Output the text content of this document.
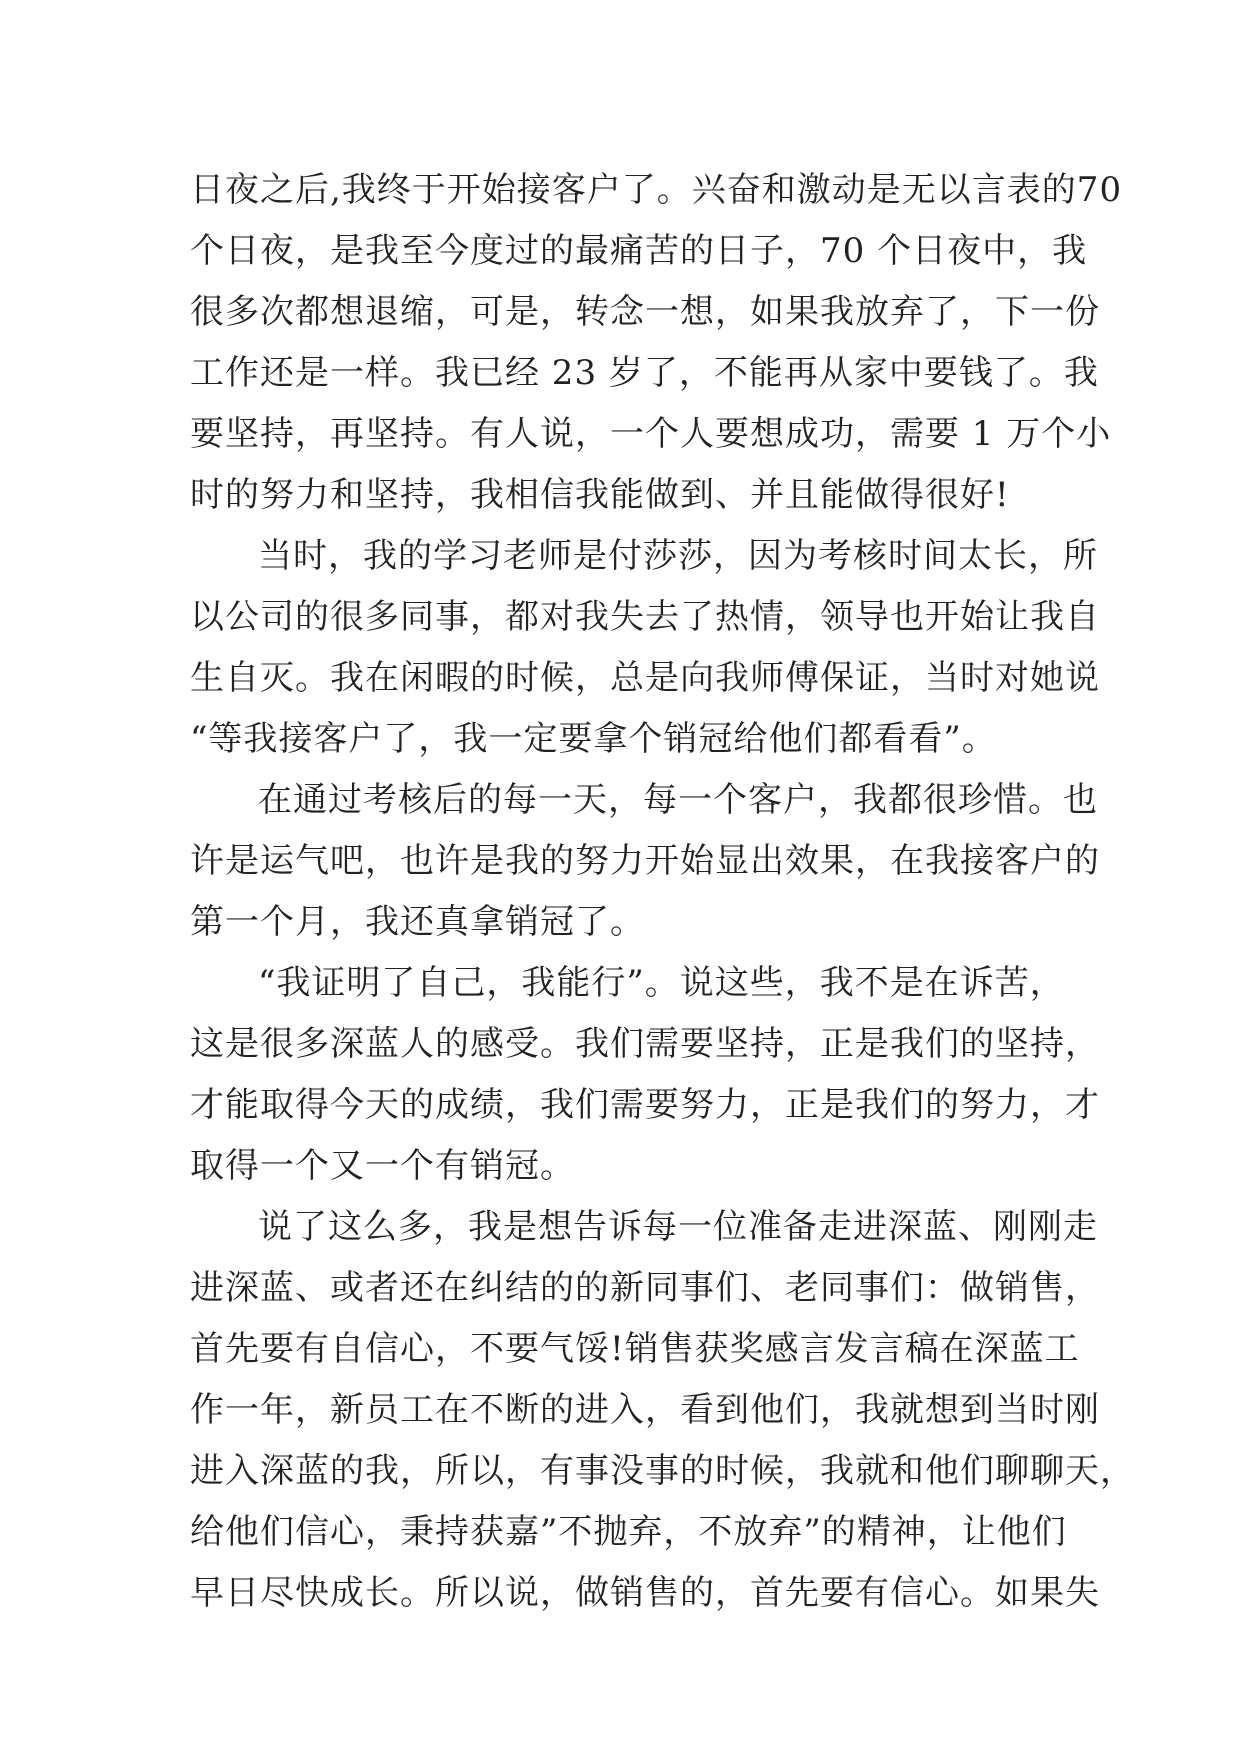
日夜之后,我终于开始接客户了。兴奋和激动是无以言表的70
个日夜，是我至今度过的最痛苦的日子，70 个日夜中，我
很多次都想退缩，可是，转念一想，如果我放弃了，下一份
工作还是一样。我已经 23 岁了，不能再从家中要钱了。我
要坚持，再坚持。有人说，一个人要想成功，需要 1 万个小
时的努力和坚持，我相信我能做到、并且能做得很好!
当时，我的学习老师是付莎莎，因为考核时间太长，所
以公司的很多同事，都对我失去了热情，领导也开始让我自
生自灭。我在闲暇的时候，总是向我师傅保证，当时对她说
“等我接客户了，我一定要拿个销冠给他们都看看”。
在通过考核后的每一天，每一个客户，我都很珍惜。也
许是运气吧，也许是我的努力开始显出效果，在我接客户的
第一个月，我还真拿销冠了。
“我证明了自己，我能行”。说这些，我不是在诉苦，
这是很多深蓝人的感受。我们需要坚持，正是我们的坚持，
才能取得今天的成绩，我们需要努力，正是我们的努力，才
取得一个又一个有销冠。
说了这么多，我是想告诉每一位准备走进深蓝、刚刚走
进深蓝、或者还在纠结的的新同事们、老同事们：做销售，
首先要有自信心，不要气馁!销售获奖感言发言稿在深蓝工
作一年，新员工在不断的进入，看到他们，我就想到当时刚
进入深蓝的我，所以，有事没事的时候，我就和他们聊聊天，
给他们信心，秉持获嘉”不抛弃，不放弃”的精神，让他们
早日尽快成长。所以说，做销售的，首先要有信心。如果失
